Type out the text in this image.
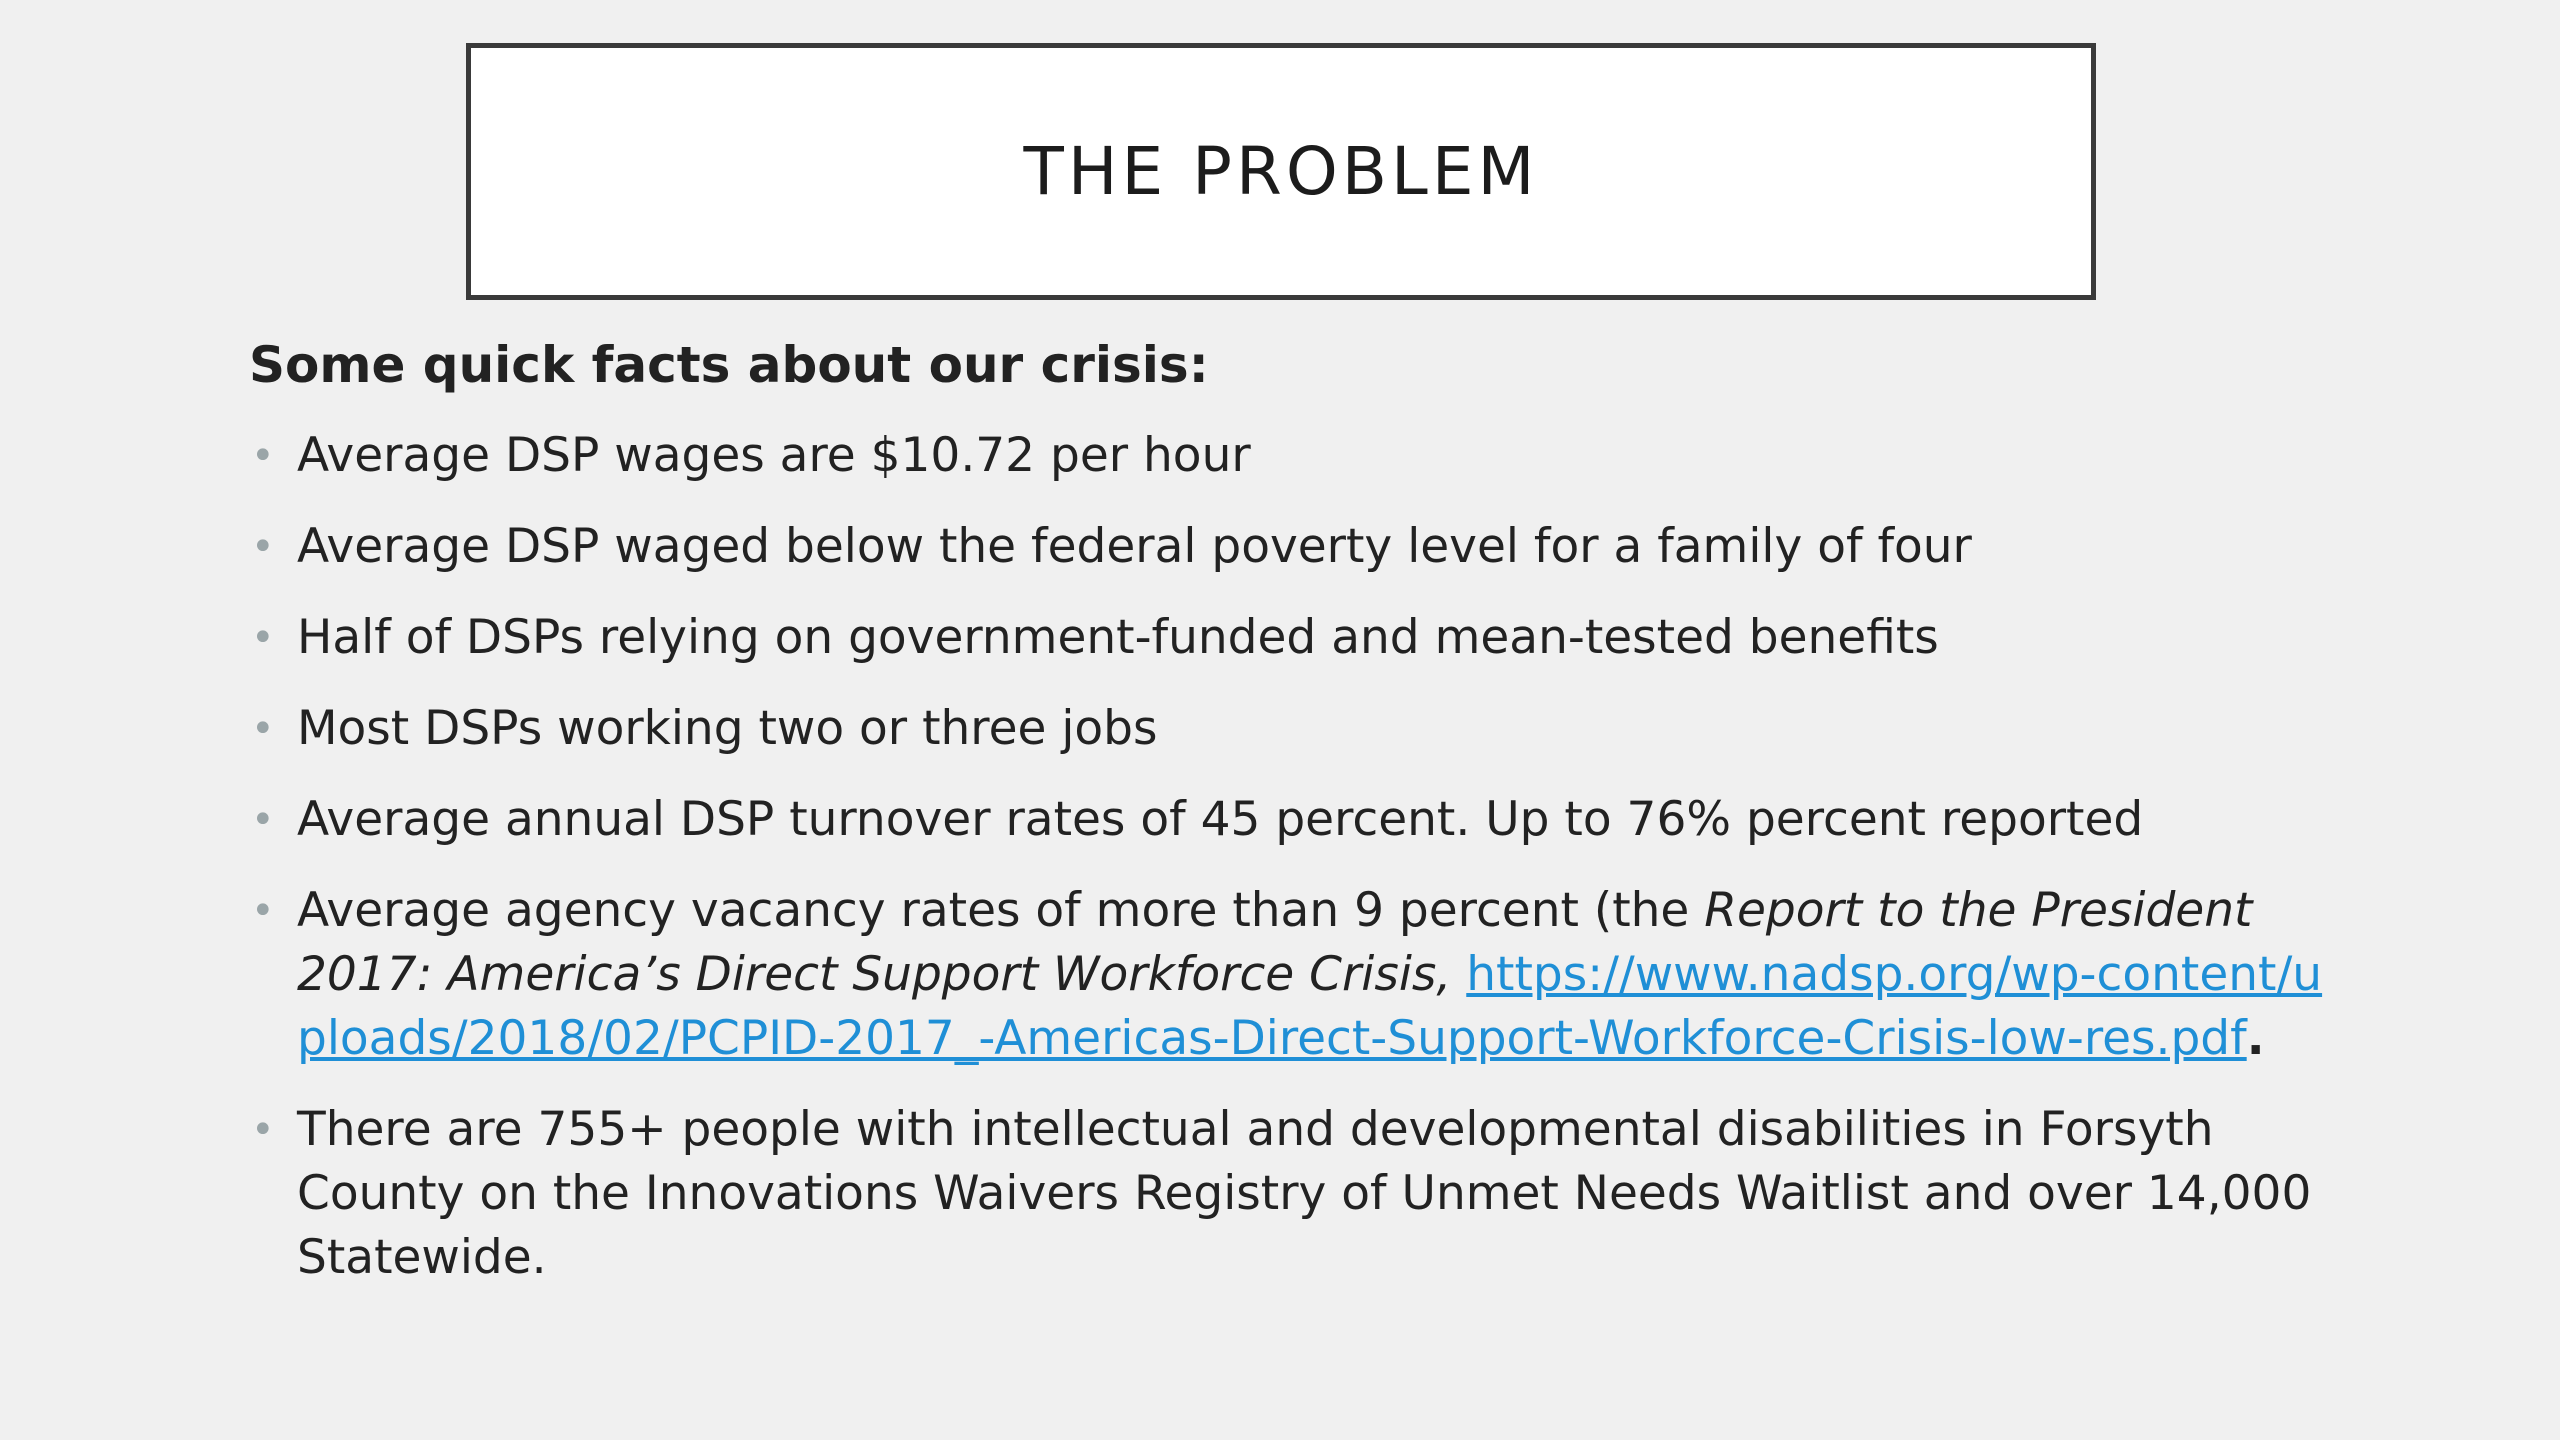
THE PROBLEM
Some quick facts about our crisis:
• Average DSP wages are $10.72 per hour
• Average DSP waged below the federal poverty level for a family of four
• Half of DSPs relying on government-funded and mean-tested benefits
• Most DSPs working two or three jobs
• Average annual DSP turnover rates of 45 percent. Up to 76% percent reported
• Average agency vacancy rates of more than 9 percent (the Report to the President 2017: America’s Direct Support Workforce Crisis, https://www.nadsp.org/wp-content/uploads/2018/02/PCPID-2017_-Americas-Direct-Support-Workforce-Crisis-low-res.pdf.
• There are 755+ people with intellectual and developmental disabilities in Forsyth County on the Innovations Waivers Registry of Unmet Needs Waitlist and over 14,000 Statewide.
